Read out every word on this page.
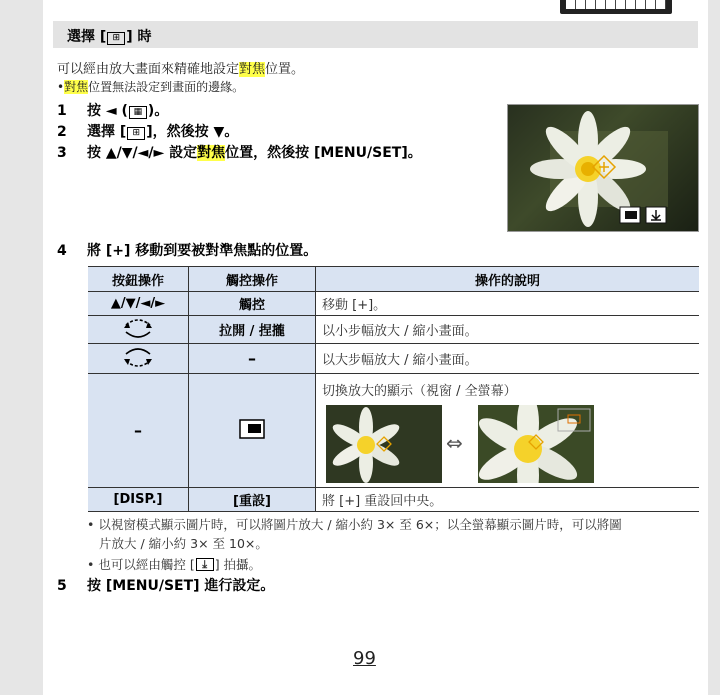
選擇 [ ⊞ ] 時
可以經由放大畫面來精確地設定對焦位置。
•對焦位置無法設定到畫面的邊緣。
1 按 ◄ ( ▦ )。
2 選擇 [ ⊞ ]，然後按 ▼。
3 按 ▲/▼/◄/► 設定對焦位置，然後按 [MENU/SET]。
4 將 [+] 移動到要被對準焦點的位置。
按鈕操作	觸控操作	操作的說明
▲/▼/◄/►	觸控	移動 [+]。
	拉開 / 捏攏	以小步幅放大 / 縮小畫面。
	–	以大步幅放大 / 縮小畫面。
–		切換放大的顯示（視窗 / 全螢幕）
⇔

[DISP.]	[重設]	將 [+] 重設回中央。
• 以視窗模式顯示圖片時，可以將圖片放大 / 縮小約 3× 至 6×；以全螢幕顯示圖片時，可以將圖
片放大 / 縮小約 3× 至 10×。
• 也可以經由觸控 [ ⤓ ] 拍攝。
5 按 [MENU/SET] 進行設定。
99
